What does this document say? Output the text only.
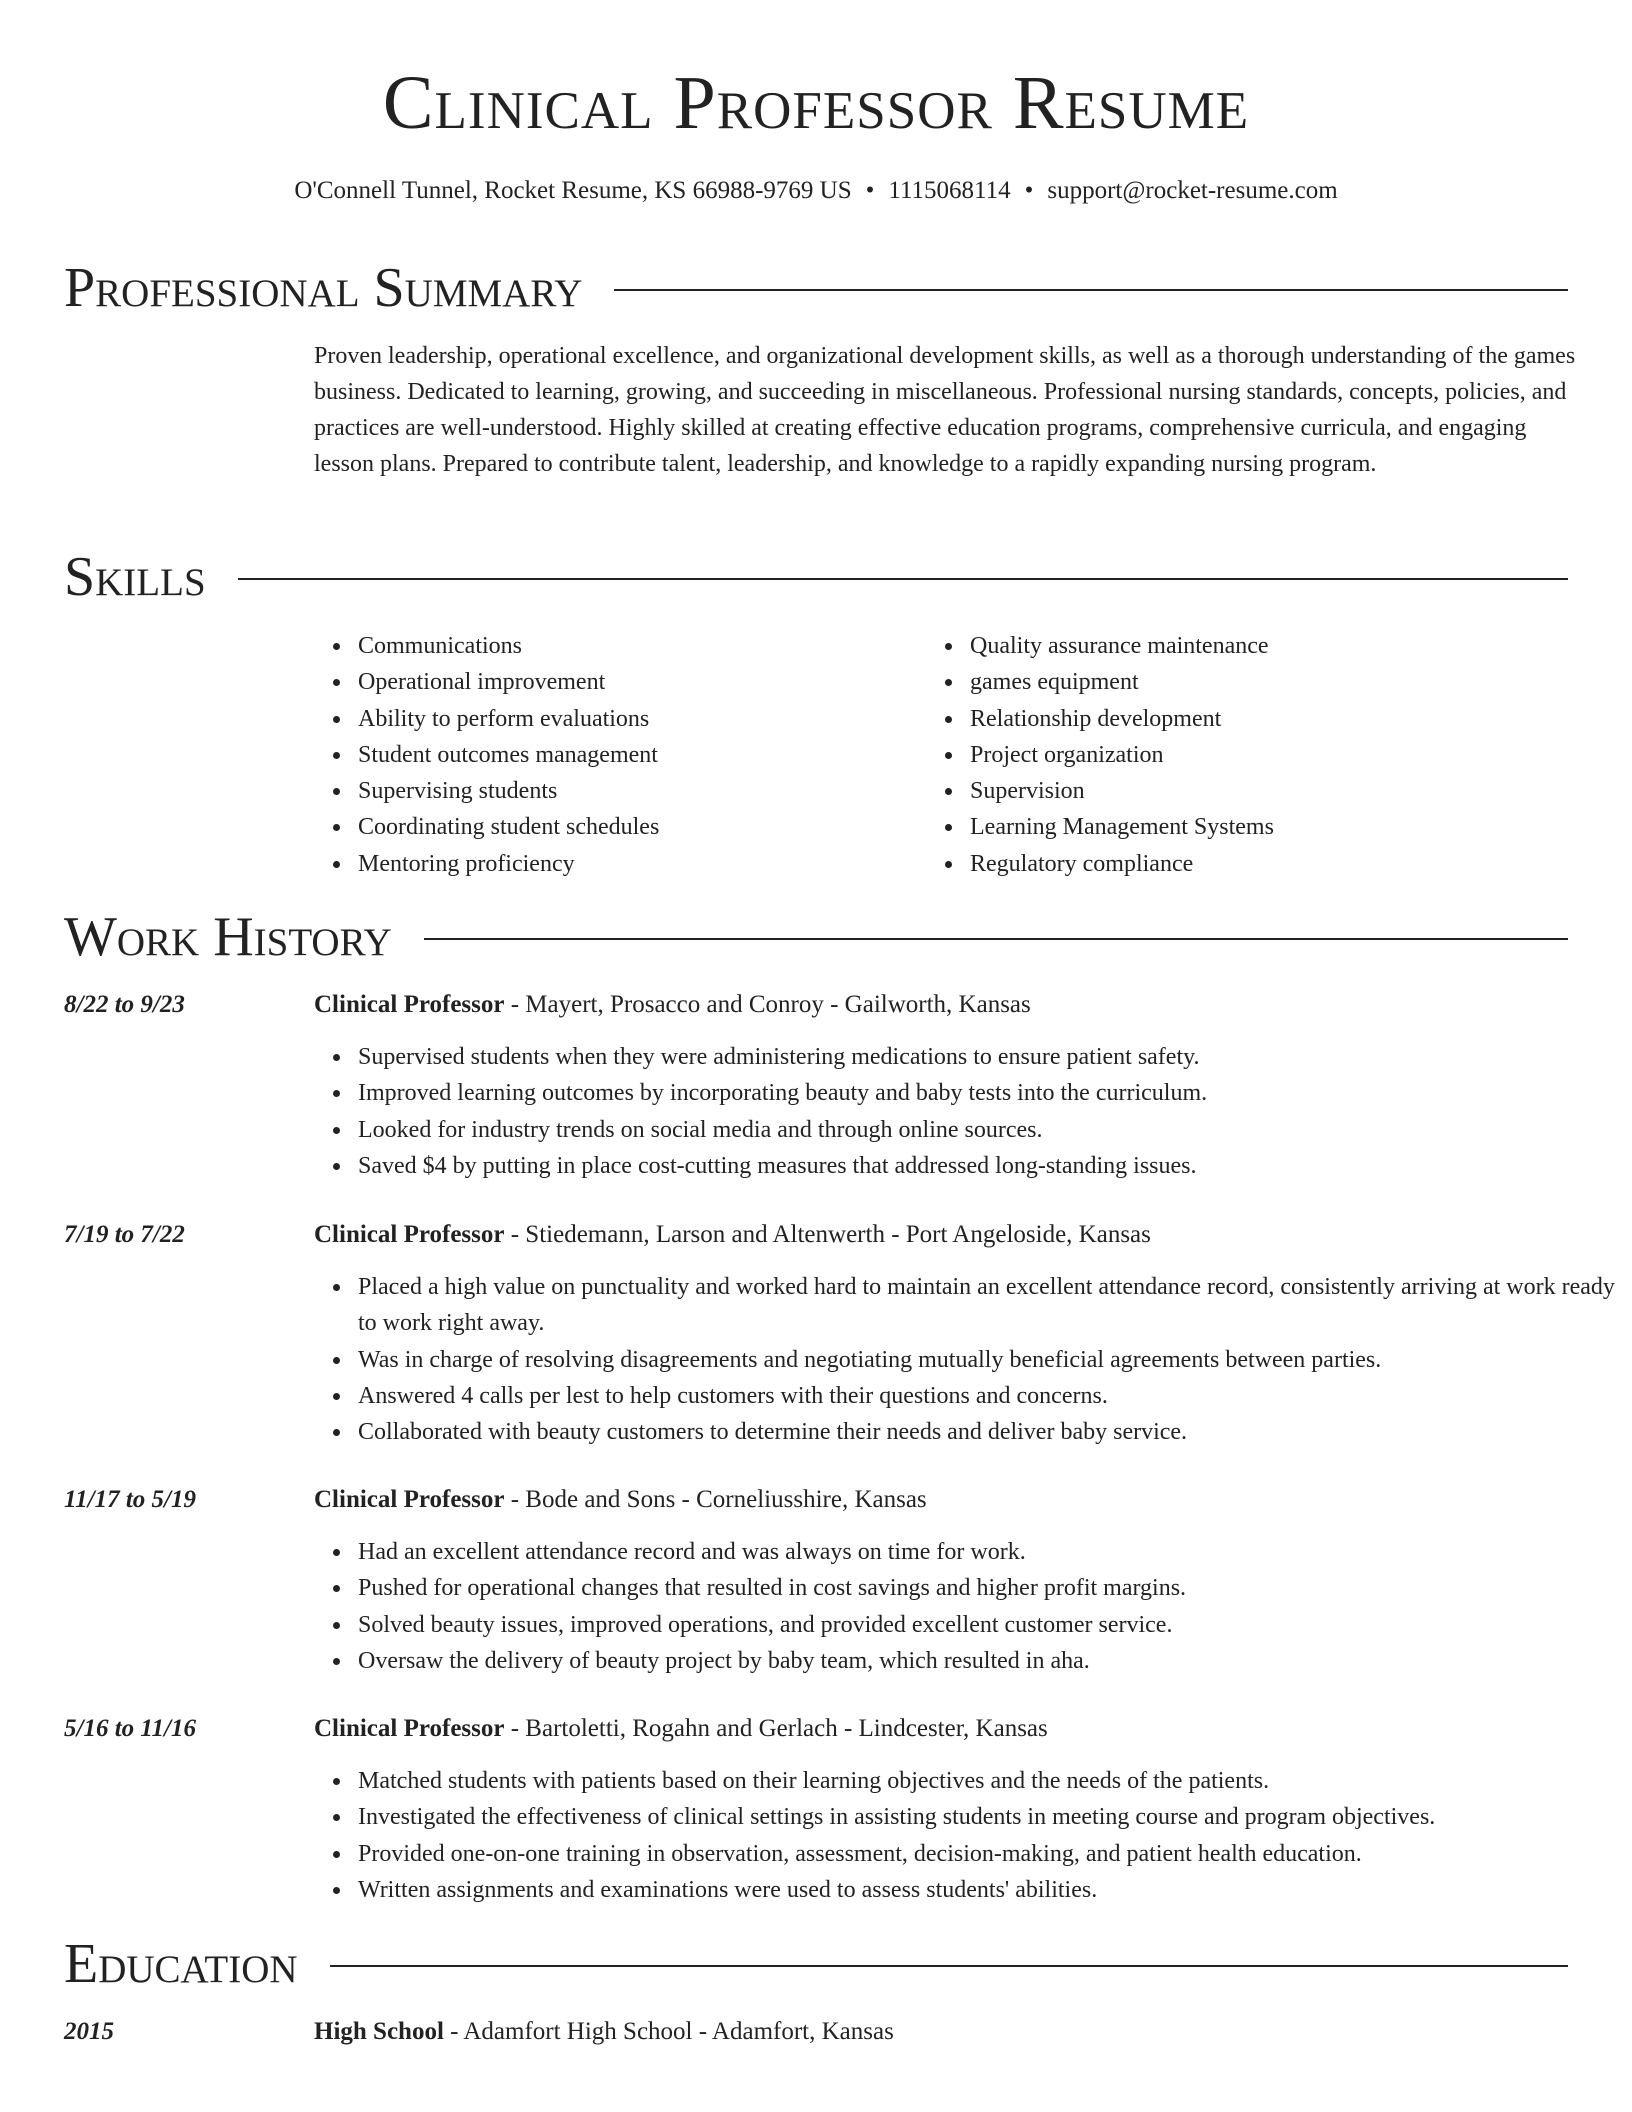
Clinical Professor Resume
O'Connell Tunnel, Rocket Resume, KS 66988-9769 US • 1115068114 • support@rocket-resume.com
Professional Summary
Proven leadership, operational excellence, and organizational development skills, as well as a thorough understanding of the games business. Dedicated to learning, growing, and succeeding in miscellaneous. Professional nursing standards, concepts, policies, and practices are well-understood. Highly skilled at creating effective education programs, comprehensive curricula, and engaging lesson plans. Prepared to contribute talent, leadership, and knowledge to a rapidly expanding nursing program.
Skills
Communications
Operational improvement
Ability to perform evaluations
Student outcomes management
Supervising students
Coordinating student schedules
Mentoring proficiency
Quality assurance maintenance
games equipment
Relationship development
Project organization
Supervision
Learning Management Systems
Regulatory compliance
Work History
8/22 to 9/23	Clinical Professor - Mayert, Prosacco and Conroy - Gailworth, Kansas
Supervised students when they were administering medications to ensure patient safety.
Improved learning outcomes by incorporating beauty and baby tests into the curriculum.
Looked for industry trends on social media and through online sources.
Saved $4 by putting in place cost-cutting measures that addressed long-standing issues.
7/19 to 7/22	Clinical Professor - Stiedemann, Larson and Altenwerth - Port Angeloside, Kansas
Placed a high value on punctuality and worked hard to maintain an excellent attendance record, consistently arriving at work ready to work right away.
Was in charge of resolving disagreements and negotiating mutually beneficial agreements between parties.
Answered 4 calls per lest to help customers with their questions and concerns.
Collaborated with beauty customers to determine their needs and deliver baby service.
11/17 to 5/19	Clinical Professor - Bode and Sons - Corneliusshire, Kansas
Had an excellent attendance record and was always on time for work.
Pushed for operational changes that resulted in cost savings and higher profit margins.
Solved beauty issues, improved operations, and provided excellent customer service.
Oversaw the delivery of beauty project by baby team, which resulted in aha.
5/16 to 11/16	Clinical Professor - Bartoletti, Rogahn and Gerlach - Lindcester, Kansas
Matched students with patients based on their learning objectives and the needs of the patients.
Investigated the effectiveness of clinical settings in assisting students in meeting course and program objectives.
Provided one-on-one training in observation, assessment, decision-making, and patient health education.
Written assignments and examinations were used to assess students' abilities.
Education
2015	High School - Adamfort High School - Adamfort, Kansas
